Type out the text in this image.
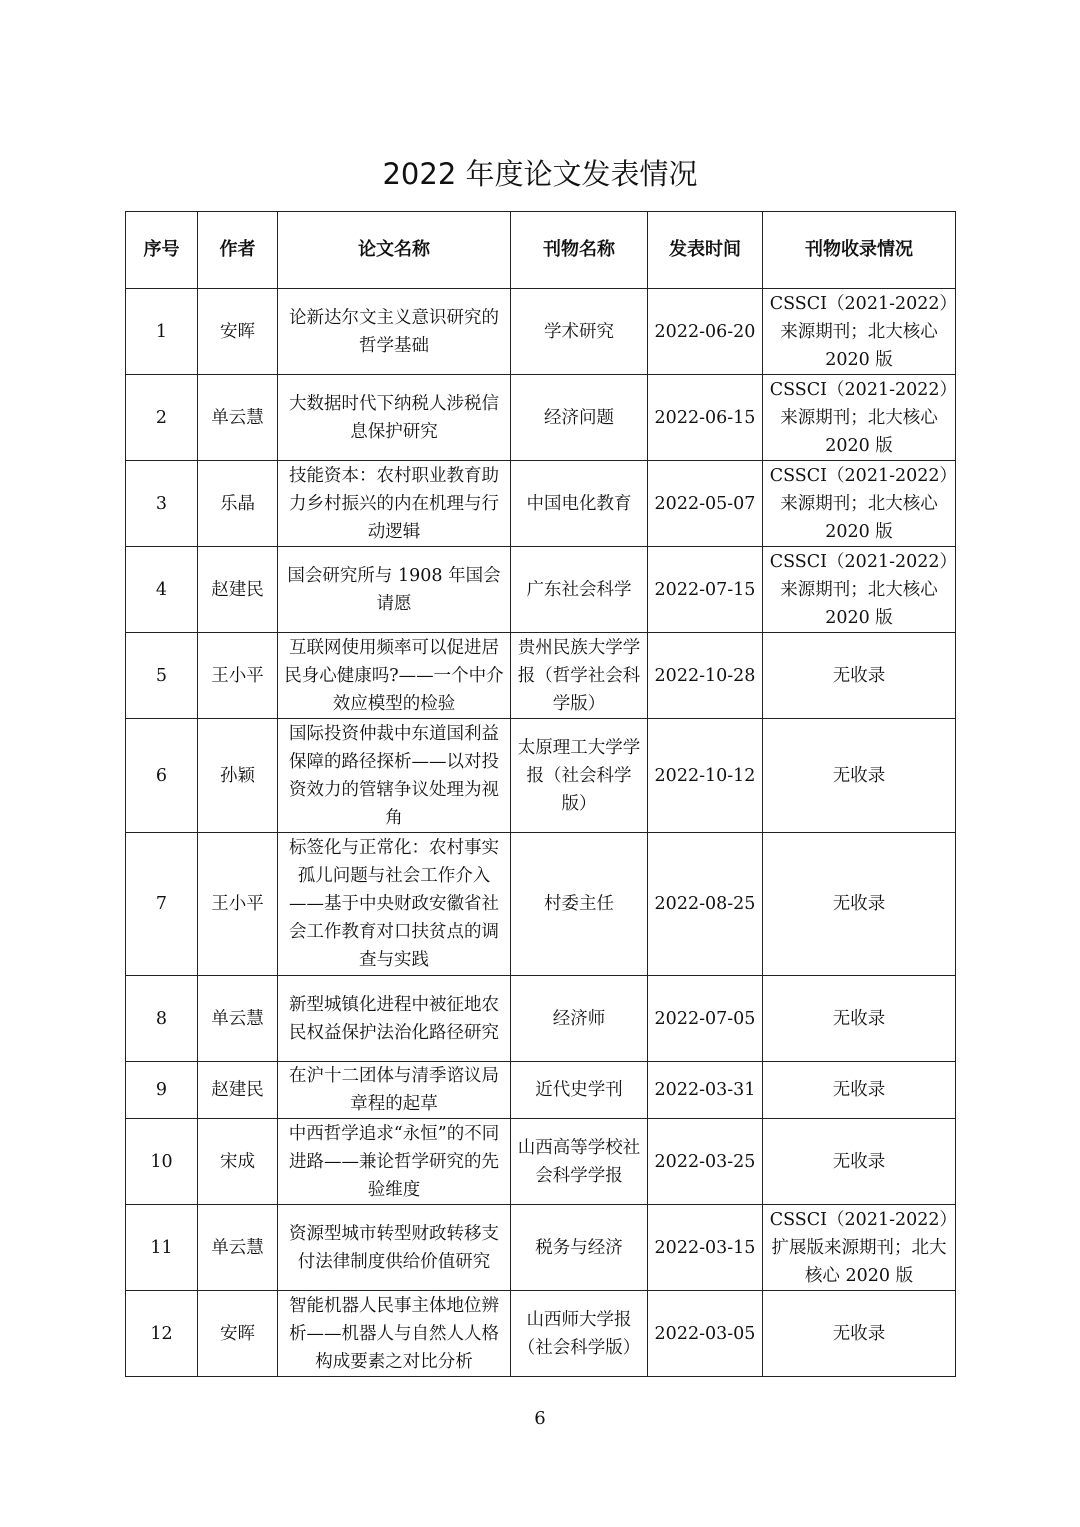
2022 年度论文发表情况
序号	作者	论文名称	刊物名称	发表时间	刊物收录情况
1	安晖	论新达尔文主义意识研究的哲学基础	学术研究	2022-06-20	CSSCI（2021-2022）来源期刊；北大核心 2020 版
2	单云慧	大数据时代下纳税人涉税信息保护研究	经济问题	2022-06-15	CSSCI（2021-2022）来源期刊；北大核心 2020 版
3	乐晶	技能资本：农村职业教育助力乡村振兴的内在机理与行动逻辑	中国电化教育	2022-05-07	CSSCI（2021-2022）来源期刊；北大核心 2020 版
4	赵建民	国会研究所与 1908 年国会请愿	广东社会科学	2022-07-15	CSSCI（2021-2022）来源期刊；北大核心 2020 版
5	王小平	互联网使用频率可以促进居民身心健康吗?——一个中介效应模型的检验	贵州民族大学学报（哲学社会科学版）	2022-10-28	无收录
6	孙颖	国际投资仲裁中东道国利益保障的路径探析——以对投资效力的管辖争议处理为视角	太原理工大学学报（社会科学版）	2022-10-12	无收录
7	王小平	标签化与正常化：农村事实孤儿问题与社会工作介入——基于中央财政安徽省社会工作教育对口扶贫点的调查与实践	村委主任	2022-08-25	无收录
8	单云慧	新型城镇化进程中被征地农民权益保护法治化路径研究	经济师	2022-07-05	无收录
9	赵建民	在沪十二团体与清季谘议局章程的起草	近代史学刊	2022-03-31	无收录
10	宋成	中西哲学追求“永恒”的不同进路——兼论哲学研究的先验维度	山西高等学校社会科学学报	2022-03-25	无收录
11	单云慧	资源型城市转型财政转移支付法律制度供给价值研究	税务与经济	2022-03-15	CSSCI（2021-2022）扩展版来源期刊；北大核心 2020 版
12	安晖	智能机器人民事主体地位辨析——机器人与自然人人格构成要素之对比分析	山西师大学报（社会科学版）	2022-03-05	无收录
6
